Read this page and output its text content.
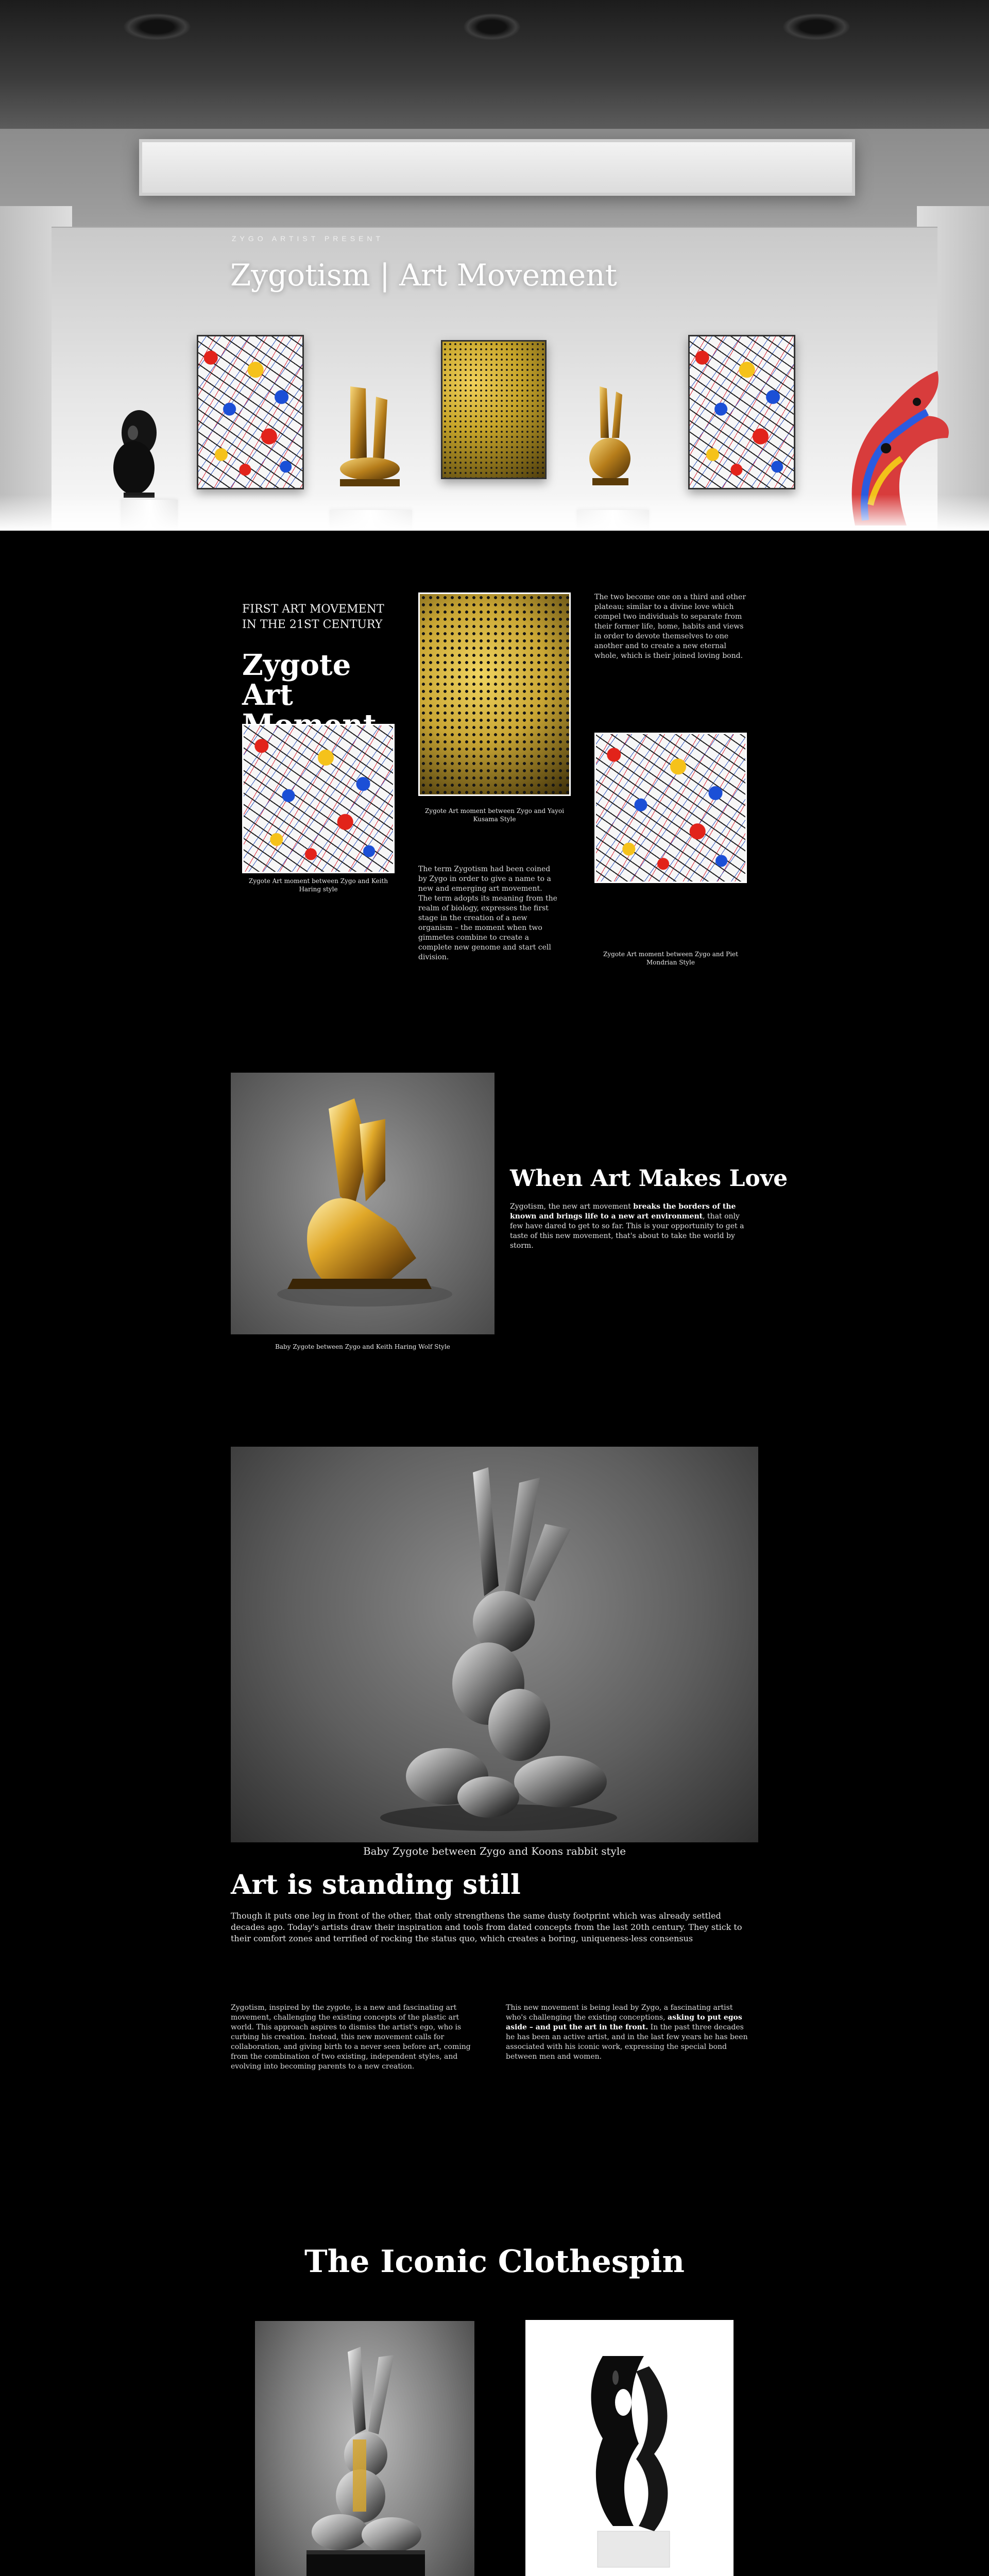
ZYGO ARTIST PRESENT
Zygotism | Art Movement
FIRST ART MOVEMENT IN THE 21ST CENTURY
Zygote Art
Zygote Art moment between Zygo and Keith Haring style
Zygote Art moment between Zygo and Yayoi Kusama Style
The term Zygotism had been coined by Zygo in order to give a name to a new and emerging art movement. The term adopts its meaning from the realm of biology, expresses the first stage in the creation of a new organism – the moment when two gimmetes combine to create a complete new genome and start cell division.
The two become one on a third and other plateau; similar to a divine love which compel two individuals to separate from their former life, home, habits and views in order to devote themselves to one another and to create a new eternal whole, which is their joined loving bond.
Zygote Art moment between Zygo and Piet Mondrian Style
Baby Zygote between Zygo and Keith Haring Wolf Style
When Art Makes Love

Zygotism, the new art movement breaks the borders of the known and brings life to a new art environment, that only few have dared to get to so far. This is your opportunity to get a taste of this new movement, that's about to take the world by storm.

Baby Zygote between Zygo and Koons rabbit style
Art is standing still

Though it puts one leg in front of the other, that only strengthens the same dusty footprint which was already settled decades ago. Today's artists draw their inspiration and tools from dated concepts from the last 20th century. They stick to their comfort zones and terrified of rocking the status quo, which creates a boring, uniqueness-less consensus

Zygotism, inspired by the zygote, is a new and fascinating art movement, challenging the existing concepts of the plastic art world. This approach aspires to dismiss the artist's ego, who is curbing his creation. Instead, this new movement calls for collaboration, and giving birth to a never seen before art, coming from the combination of two existing, independent styles, and evolving into becoming parents to a new creation.

This new movement is being lead by Zygo, a fascinating artist who's challenging the existing conceptions, asking to put egos aside – and put the art in the front. In the past three decades he has been an active artist, and in the last few years he has been associated with his iconic work, expressing the special bond between men and women.

The Iconic Clothespin
